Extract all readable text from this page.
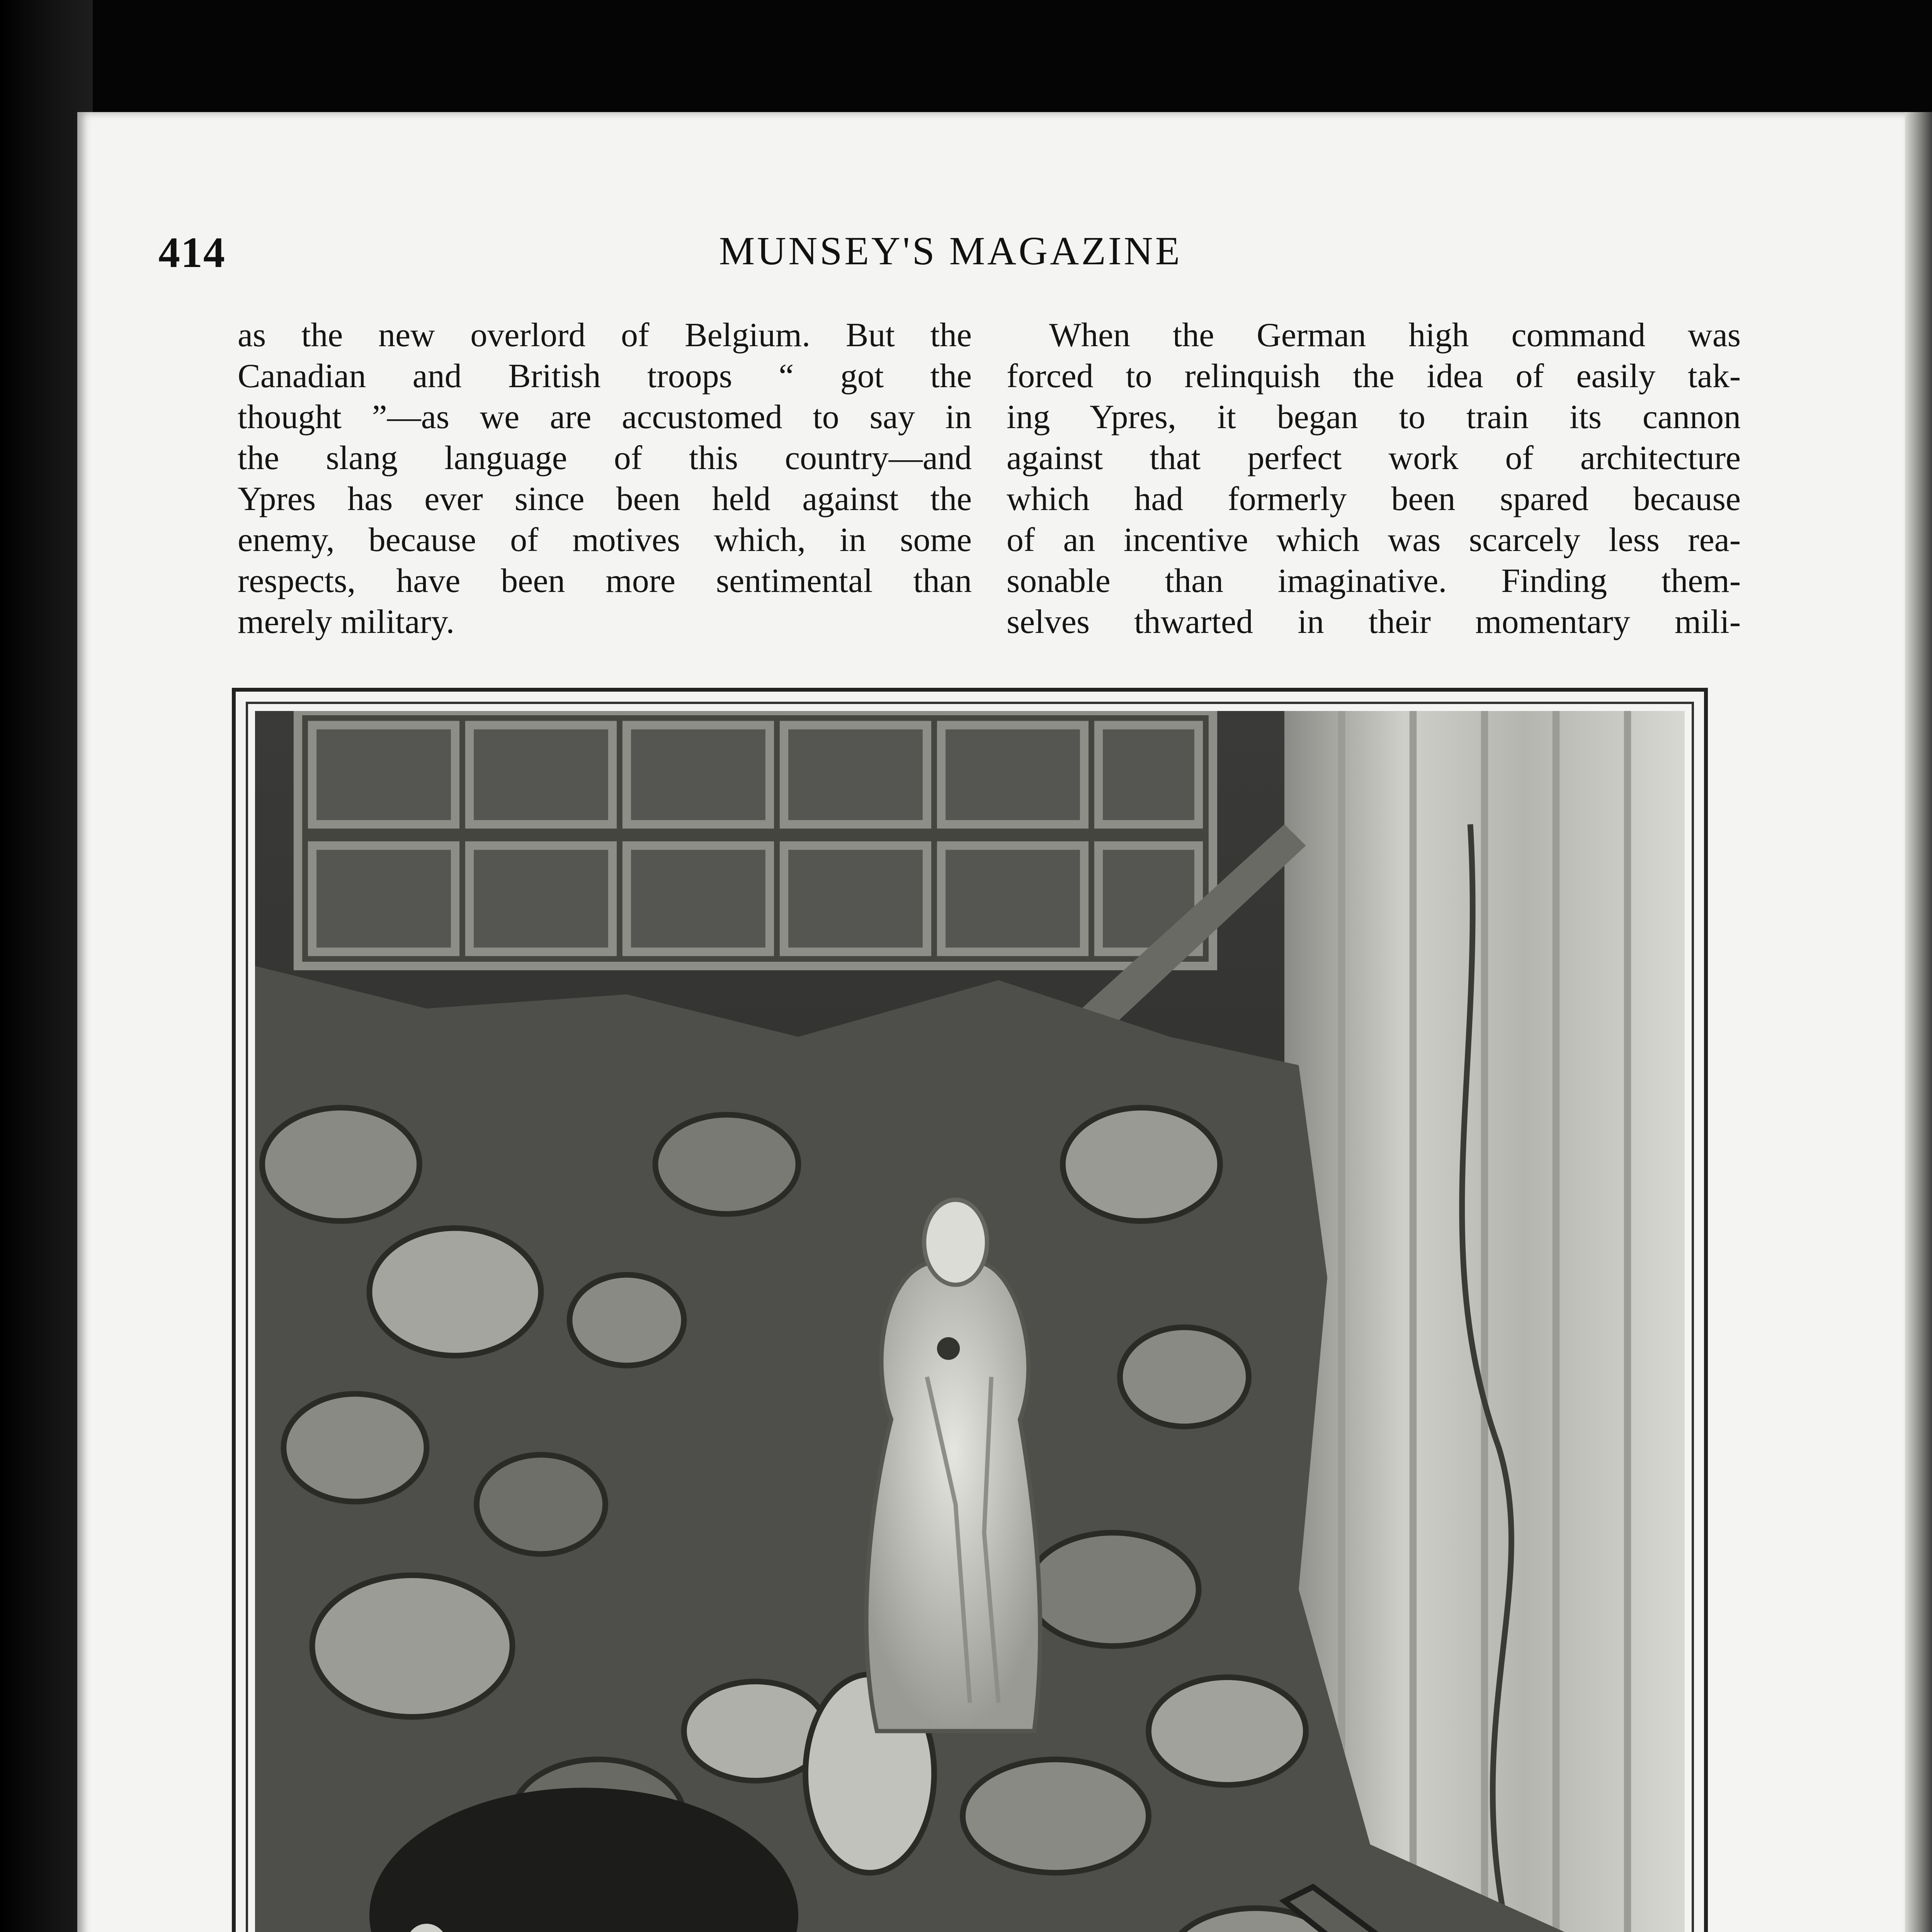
414	MUNSEY'S MAGAZINE
as the new overlord of Belgium. But the
Canadian and British troops “ got the
thought ”—as we are accustomed to say in
the slang language of this country—and
Ypres has ever since been held against the
enemy, because of motives which, in some
respects, have been more sentimental than
merely military.
When the German high command was
forced to relinquish the idea of easily tak-
ing Ypres, it began to train its cannon
against that perfect work of architecture
which had formerly been spared because
of an incentive which was scarcely less rea-
sonable than imaginative. Finding them-
selves thwarted in their momentary mili-
